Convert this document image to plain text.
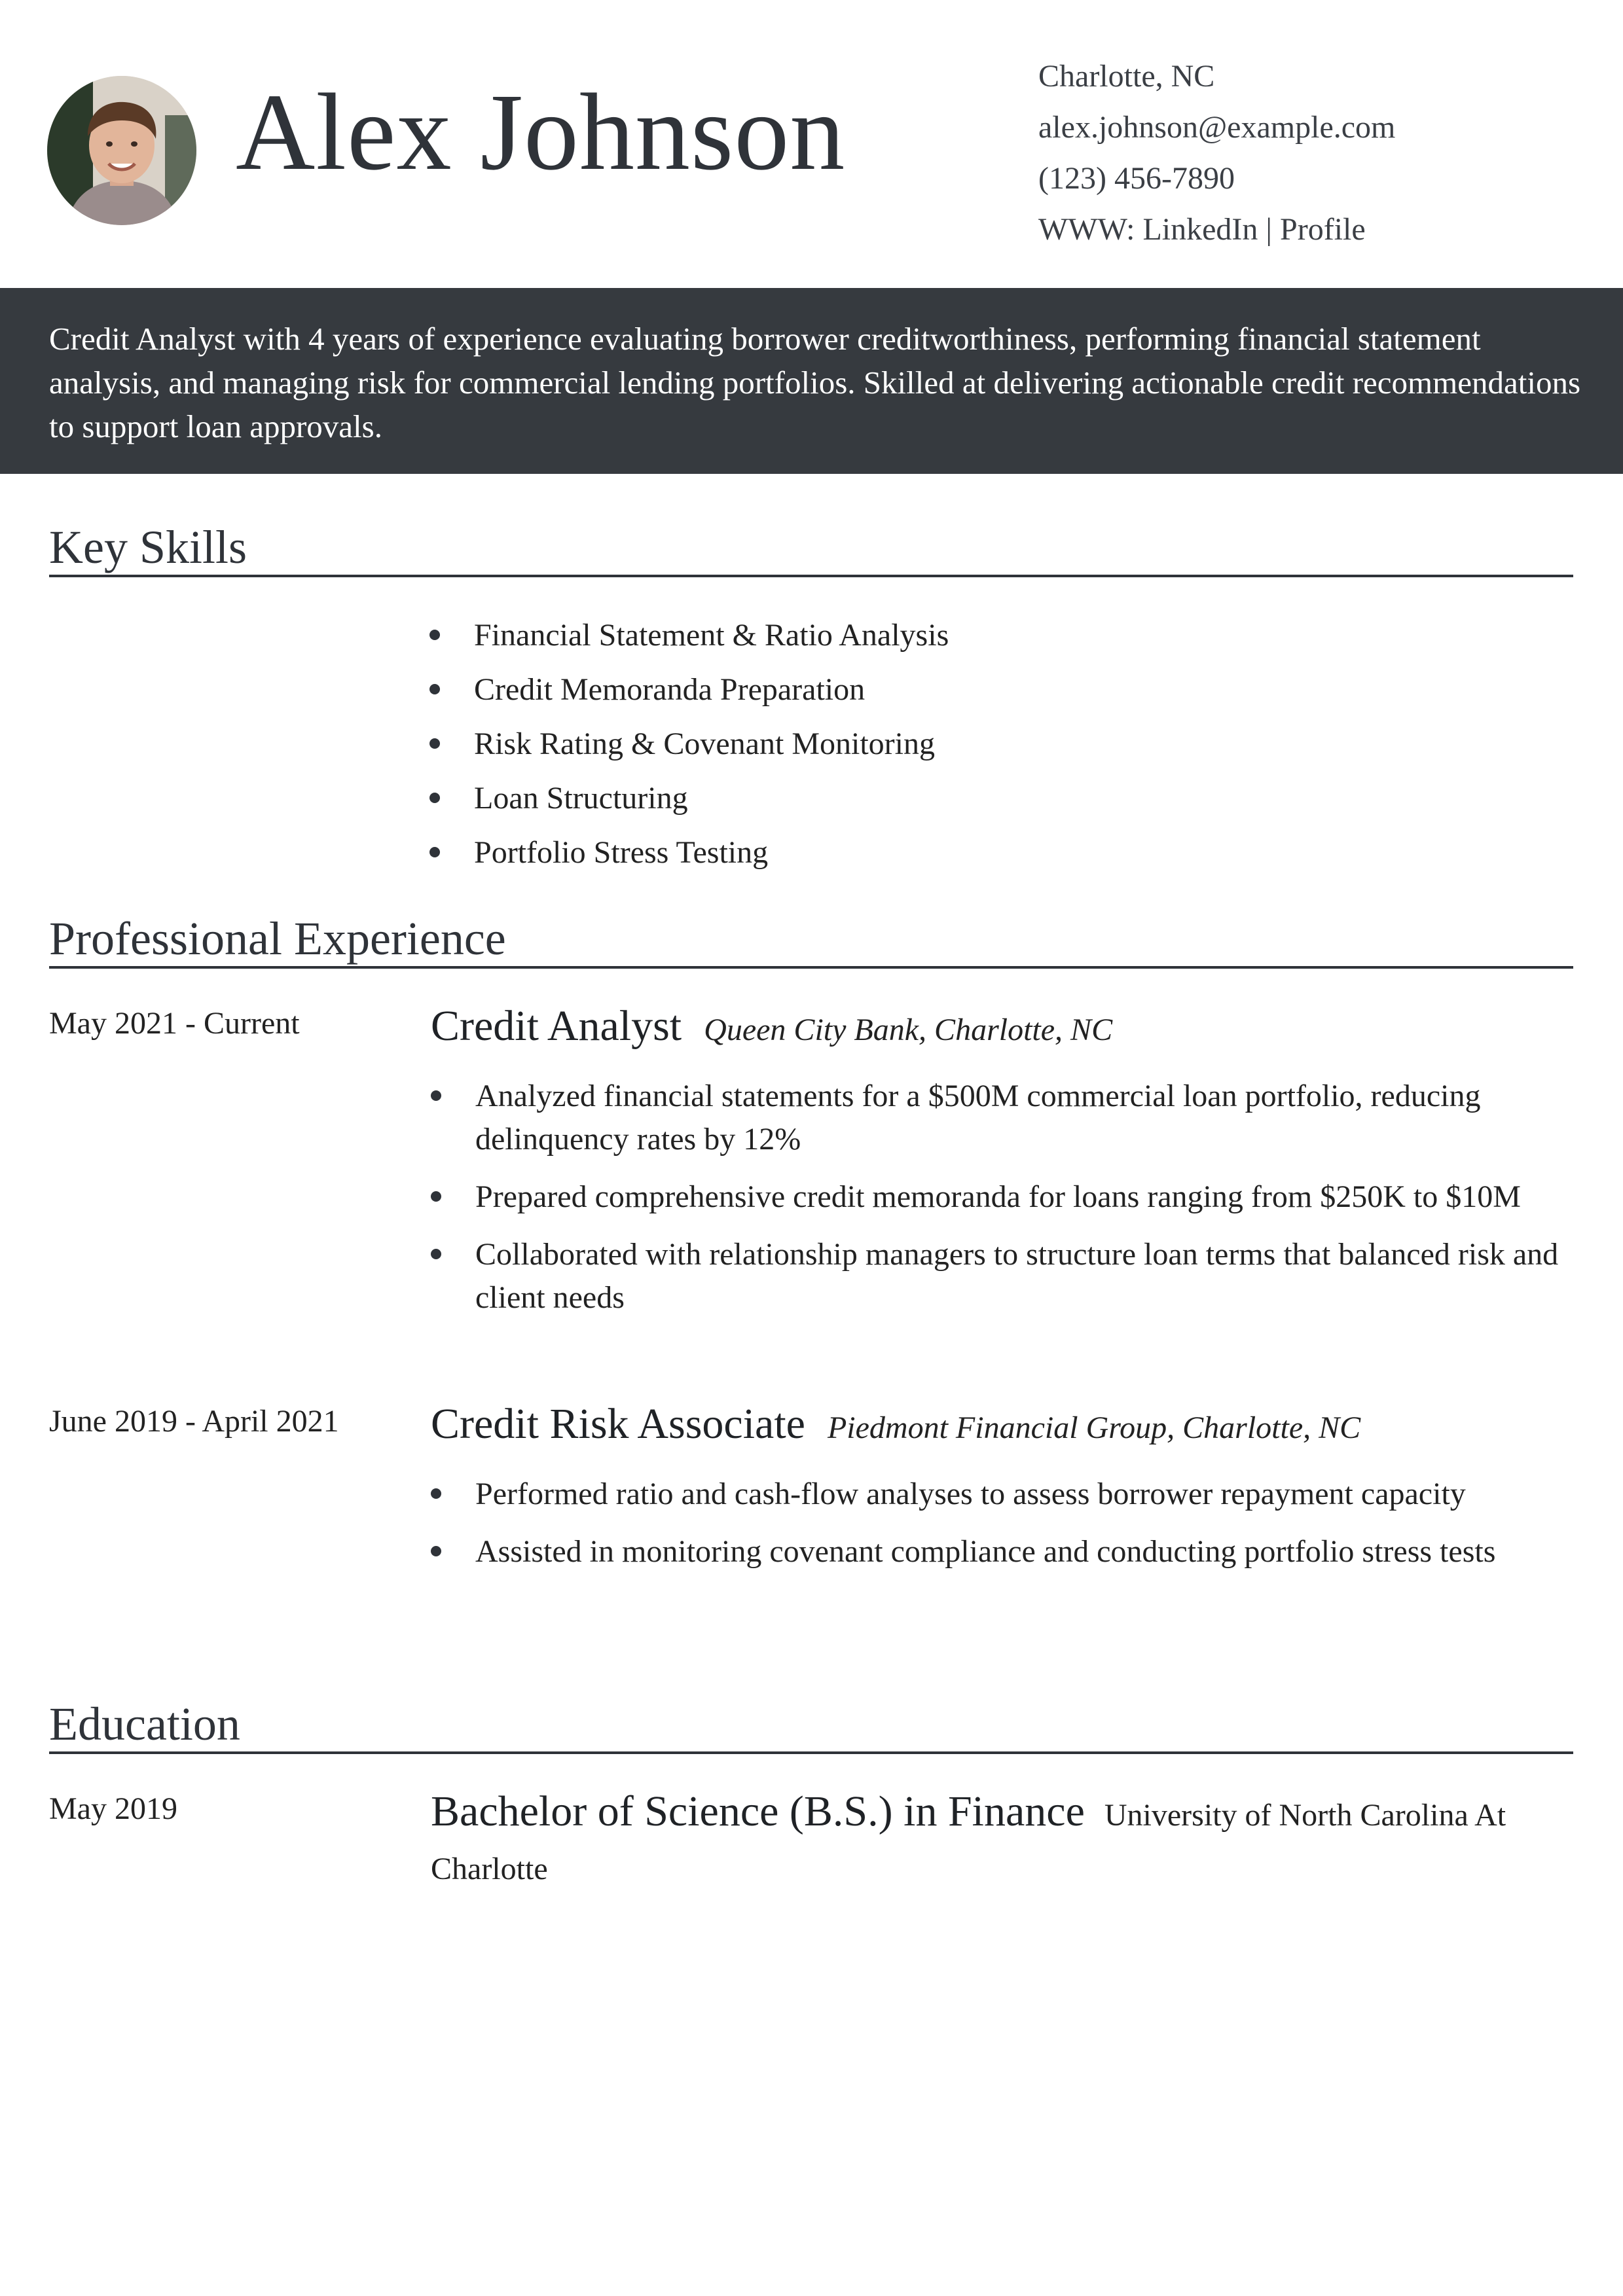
Alex Johnson	Charlotte, NC
alex.johnson@example.com
(123) 456-7890
WWW: LinkedIn | Profile

Credit Analyst with 4 years of experience evaluating borrower creditworthiness, performing financial statement analysis, and managing risk for commercial lending portfolios. Skilled at delivering actionable credit recommendations to support loan approvals.

Key Skills
Financial Statement & Ratio Analysis
Credit Memoranda Preparation
Risk Rating & Covenant Monitoring
Loan Structuring
Portfolio Stress Testing
Professional Experience
May 2021 - Current	Credit Analyst Queen City Bank, Charlotte, NC
Analyzed financial statements for a $500M commercial loan portfolio, reducing delinquency rates by 12%
Prepared comprehensive credit memoranda for loans ranging from $250K to $10M
Collaborated with relationship managers to structure loan terms that balanced risk and client needs
June 2019 - April 2021 Credit Risk Associate Piedmont Financial Group, Charlotte, NC
Performed ratio and cash-flow analyses to assess borrower repayment capacity
Assisted in monitoring covenant compliance and conducting portfolio stress tests
Education
May 2019	Bachelor of Science (B.S.) in Finance University of North Carolina At Charlotte
